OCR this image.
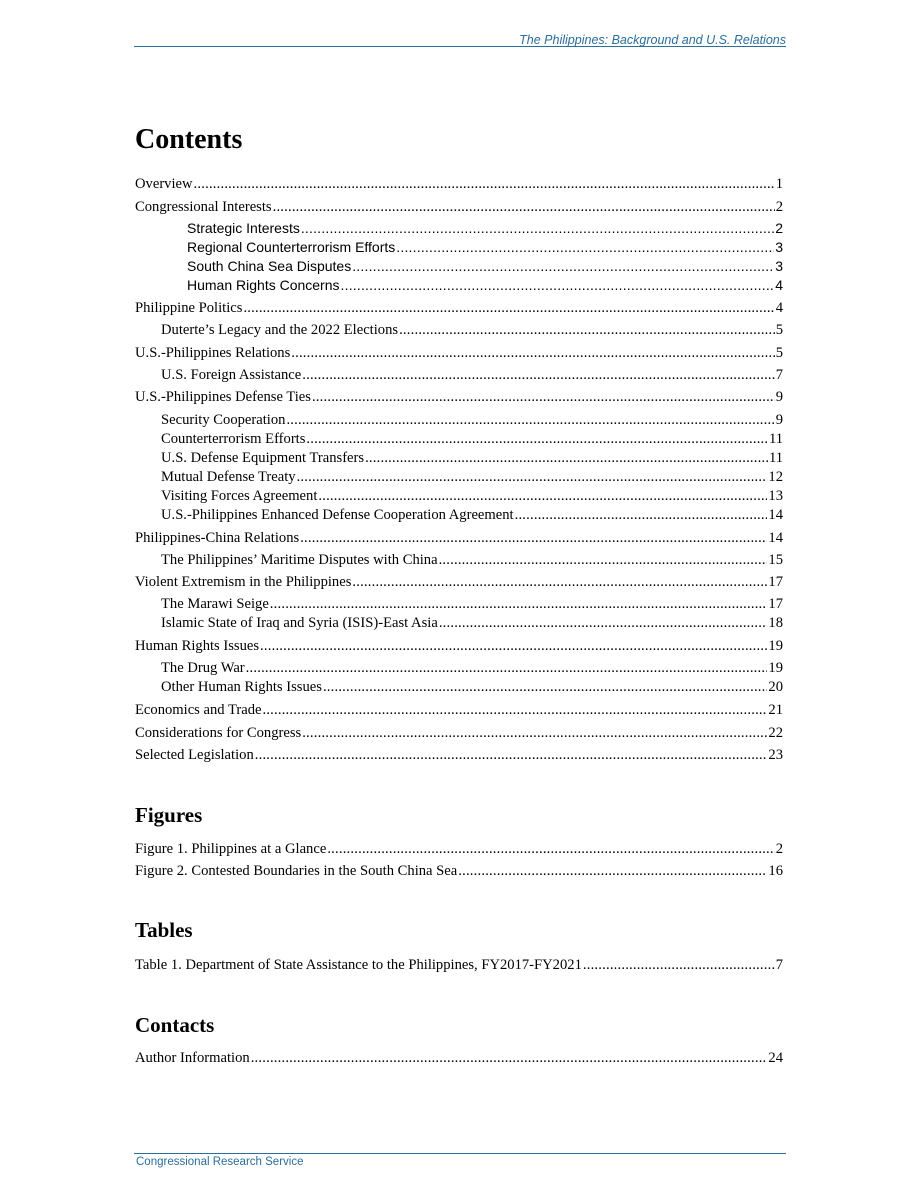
The Philippines: Background and U.S. Relations
Contents
Overview .....	1
Congressional Interests .....	2
Strategic Interests .....	2
Regional Counterterrorism Efforts .....	3
South China Sea Disputes .....	3
Human Rights Concerns .....	4
Philippine Politics .....	4
Duterte’s Legacy and the 2022 Elections .....	5
U.S.-Philippines Relations .....	5
U.S. Foreign Assistance .....	7
U.S.-Philippines Defense Ties .....	9
Security Cooperation .....	9
Counterterrorism Efforts .....	11
U.S. Defense Equipment Transfers .....	11
Mutual Defense Treaty .....	12
Visiting Forces Agreement .....	13
U.S.-Philippines Enhanced Defense Cooperation Agreement .....	14
Philippines-China Relations .....	14
The Philippines’ Maritime Disputes with China .....	15
Violent Extremism in the Philippines .....	17
The Marawi Seige .....	17
Islamic State of Iraq and Syria (ISIS)-East Asia .....	18
Human Rights Issues .....	19
The Drug War .....	19
Other Human Rights Issues .....	20
Economics and Trade .....	21
Considerations for Congress .....	22
Selected Legislation .....	23
Figures
Figure 1. Philippines at a Glance .....	2
Figure 2. Contested Boundaries in the South China Sea .....	16
Tables
Table 1. Department of State Assistance to the Philippines, FY2017-FY2021 .....	7
Contacts
Author Information .....	24
Congressional Research Service
